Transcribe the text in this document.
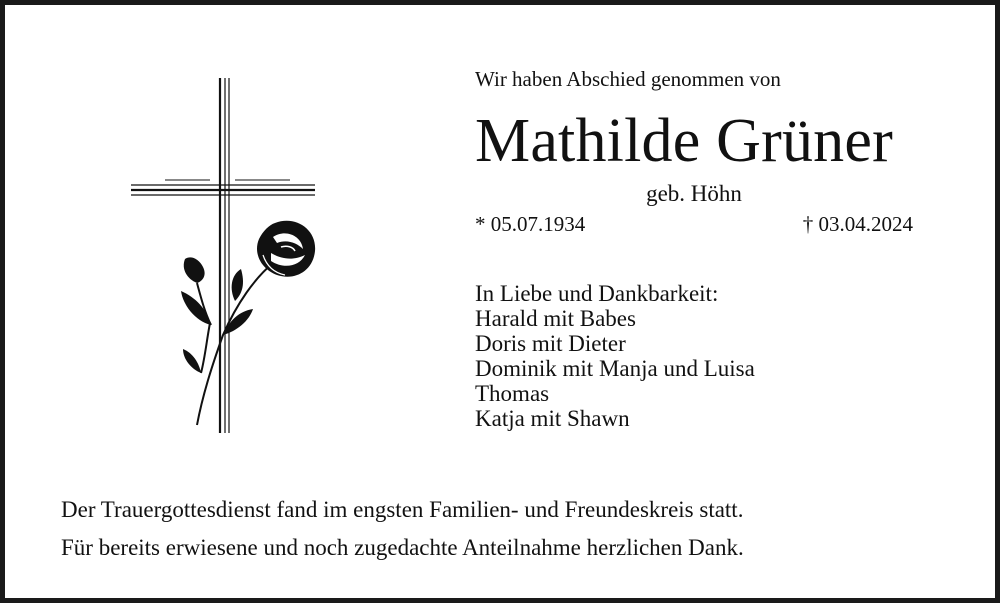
Wir haben Abschied genommen von
Mathilde Grüner
geb. Höhn
* 05.07.1934	† 03.04.2024
In Liebe und Dankbarkeit:
Harald mit Babes
Doris mit Dieter
Dominik mit Manja und Luisa
Thomas
Katja mit Shawn
Der Trauergottesdienst fand im engsten Familien- und Freundeskreis statt.
Für bereits erwiesene und noch zugedachte Anteilnahme herzlichen Dank.
